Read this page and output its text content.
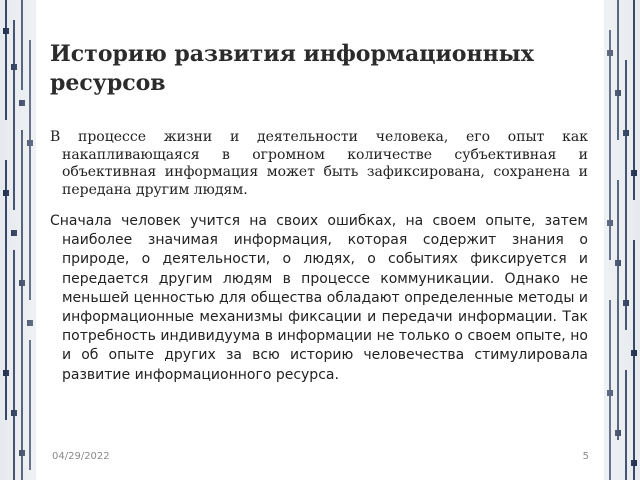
Историю развития информационных ресурсов

В процессе жизни и деятельности человека, его опыт как накапливающаяся в огромном количестве субъективная и объективная информация может быть зафиксирована, сохранена и передана другим людям.

Сначала человек учится на своих ошибках, на своем опыте, затем наиболее значимая информация, которая содержит знания о природе, о деятельности, о людях, о событиях фиксируется и передается другим людям в процессе коммуникации. Однако не меньшей ценностью для общества обладают определенные методы и информационные механизмы фиксации и передачи информации. Так потребность индивидуума в информации не только о своем опыте, но и об опыте других за всю историю человечества стимулировала развитие информационного ресурса.

04/29/2022	5
